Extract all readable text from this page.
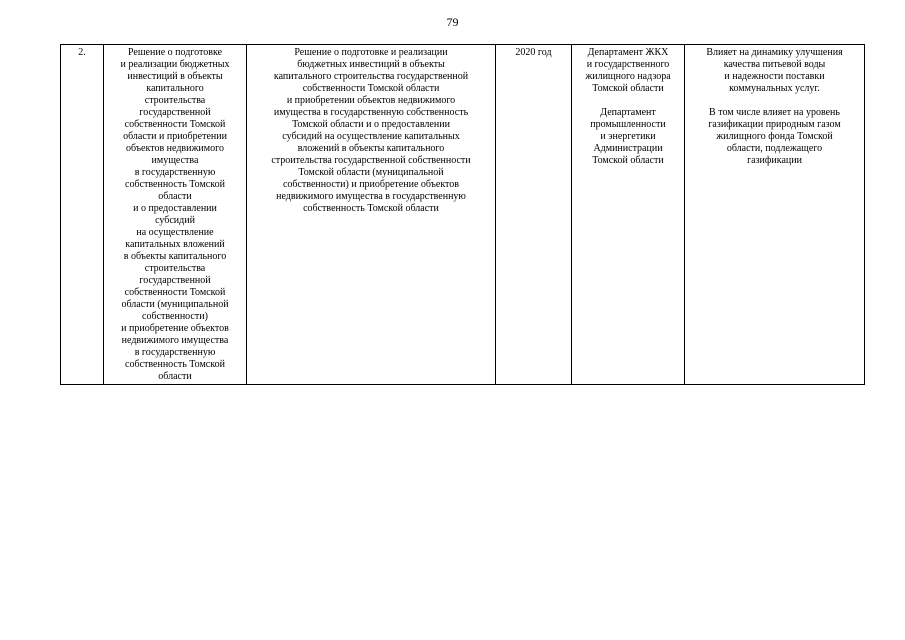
79
2.	Решение о подготовке
и реализации бюджетных
инвестиций в объекты
капитального
строительства
государственной
собственности Томской
области и приобретении
объектов недвижимого
имущества
в государственную
собственность Томской
области
и о предоставлении
субсидий
на осуществление
капитальных вложений
в объекты капитального
строительства
государственной
собственности Томской
области (муниципальной
собственности)
и приобретение объектов
недвижимого имущества
в государственную
собственность Томской
области	Решение о подготовке и реализации
бюджетных инвестиций в объекты
капитального строительства государственной
собственности Томской области
и приобретении объектов недвижимого
имущества в государственную собственность
Томской области и о предоставлении
субсидий на осуществление капитальных
вложений в объекты капитального
строительства государственной собственности
Томской области (муниципальной
собственности) и приобретение объектов
недвижимого имущества в государственную
собственность Томской области	2020 год	Департамент ЖКХ
и государственного
жилищного надзора
Томской области

Департамент
промышленности
и энергетики
Администрации
Томской области	Влияет на динамику улучшения
качества питьевой воды
и надежности поставки
коммунальных услуг.

В том числе влияет на уровень
газификации природным газом
жилищного фонда Томской
области, подлежащего
газификации
